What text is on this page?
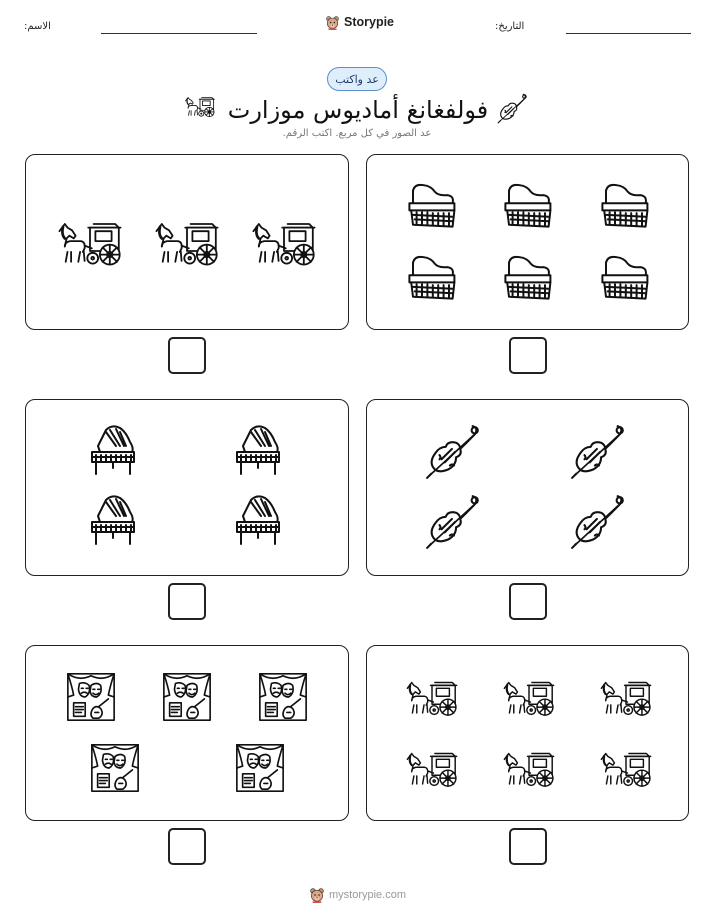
الاسم:	Storypie	التاريخ:
عد واكتب
فولفغانغ أماديوس موزارت
عد الصور في كل مربع. اكتب الرقم.
mystorypie.com
